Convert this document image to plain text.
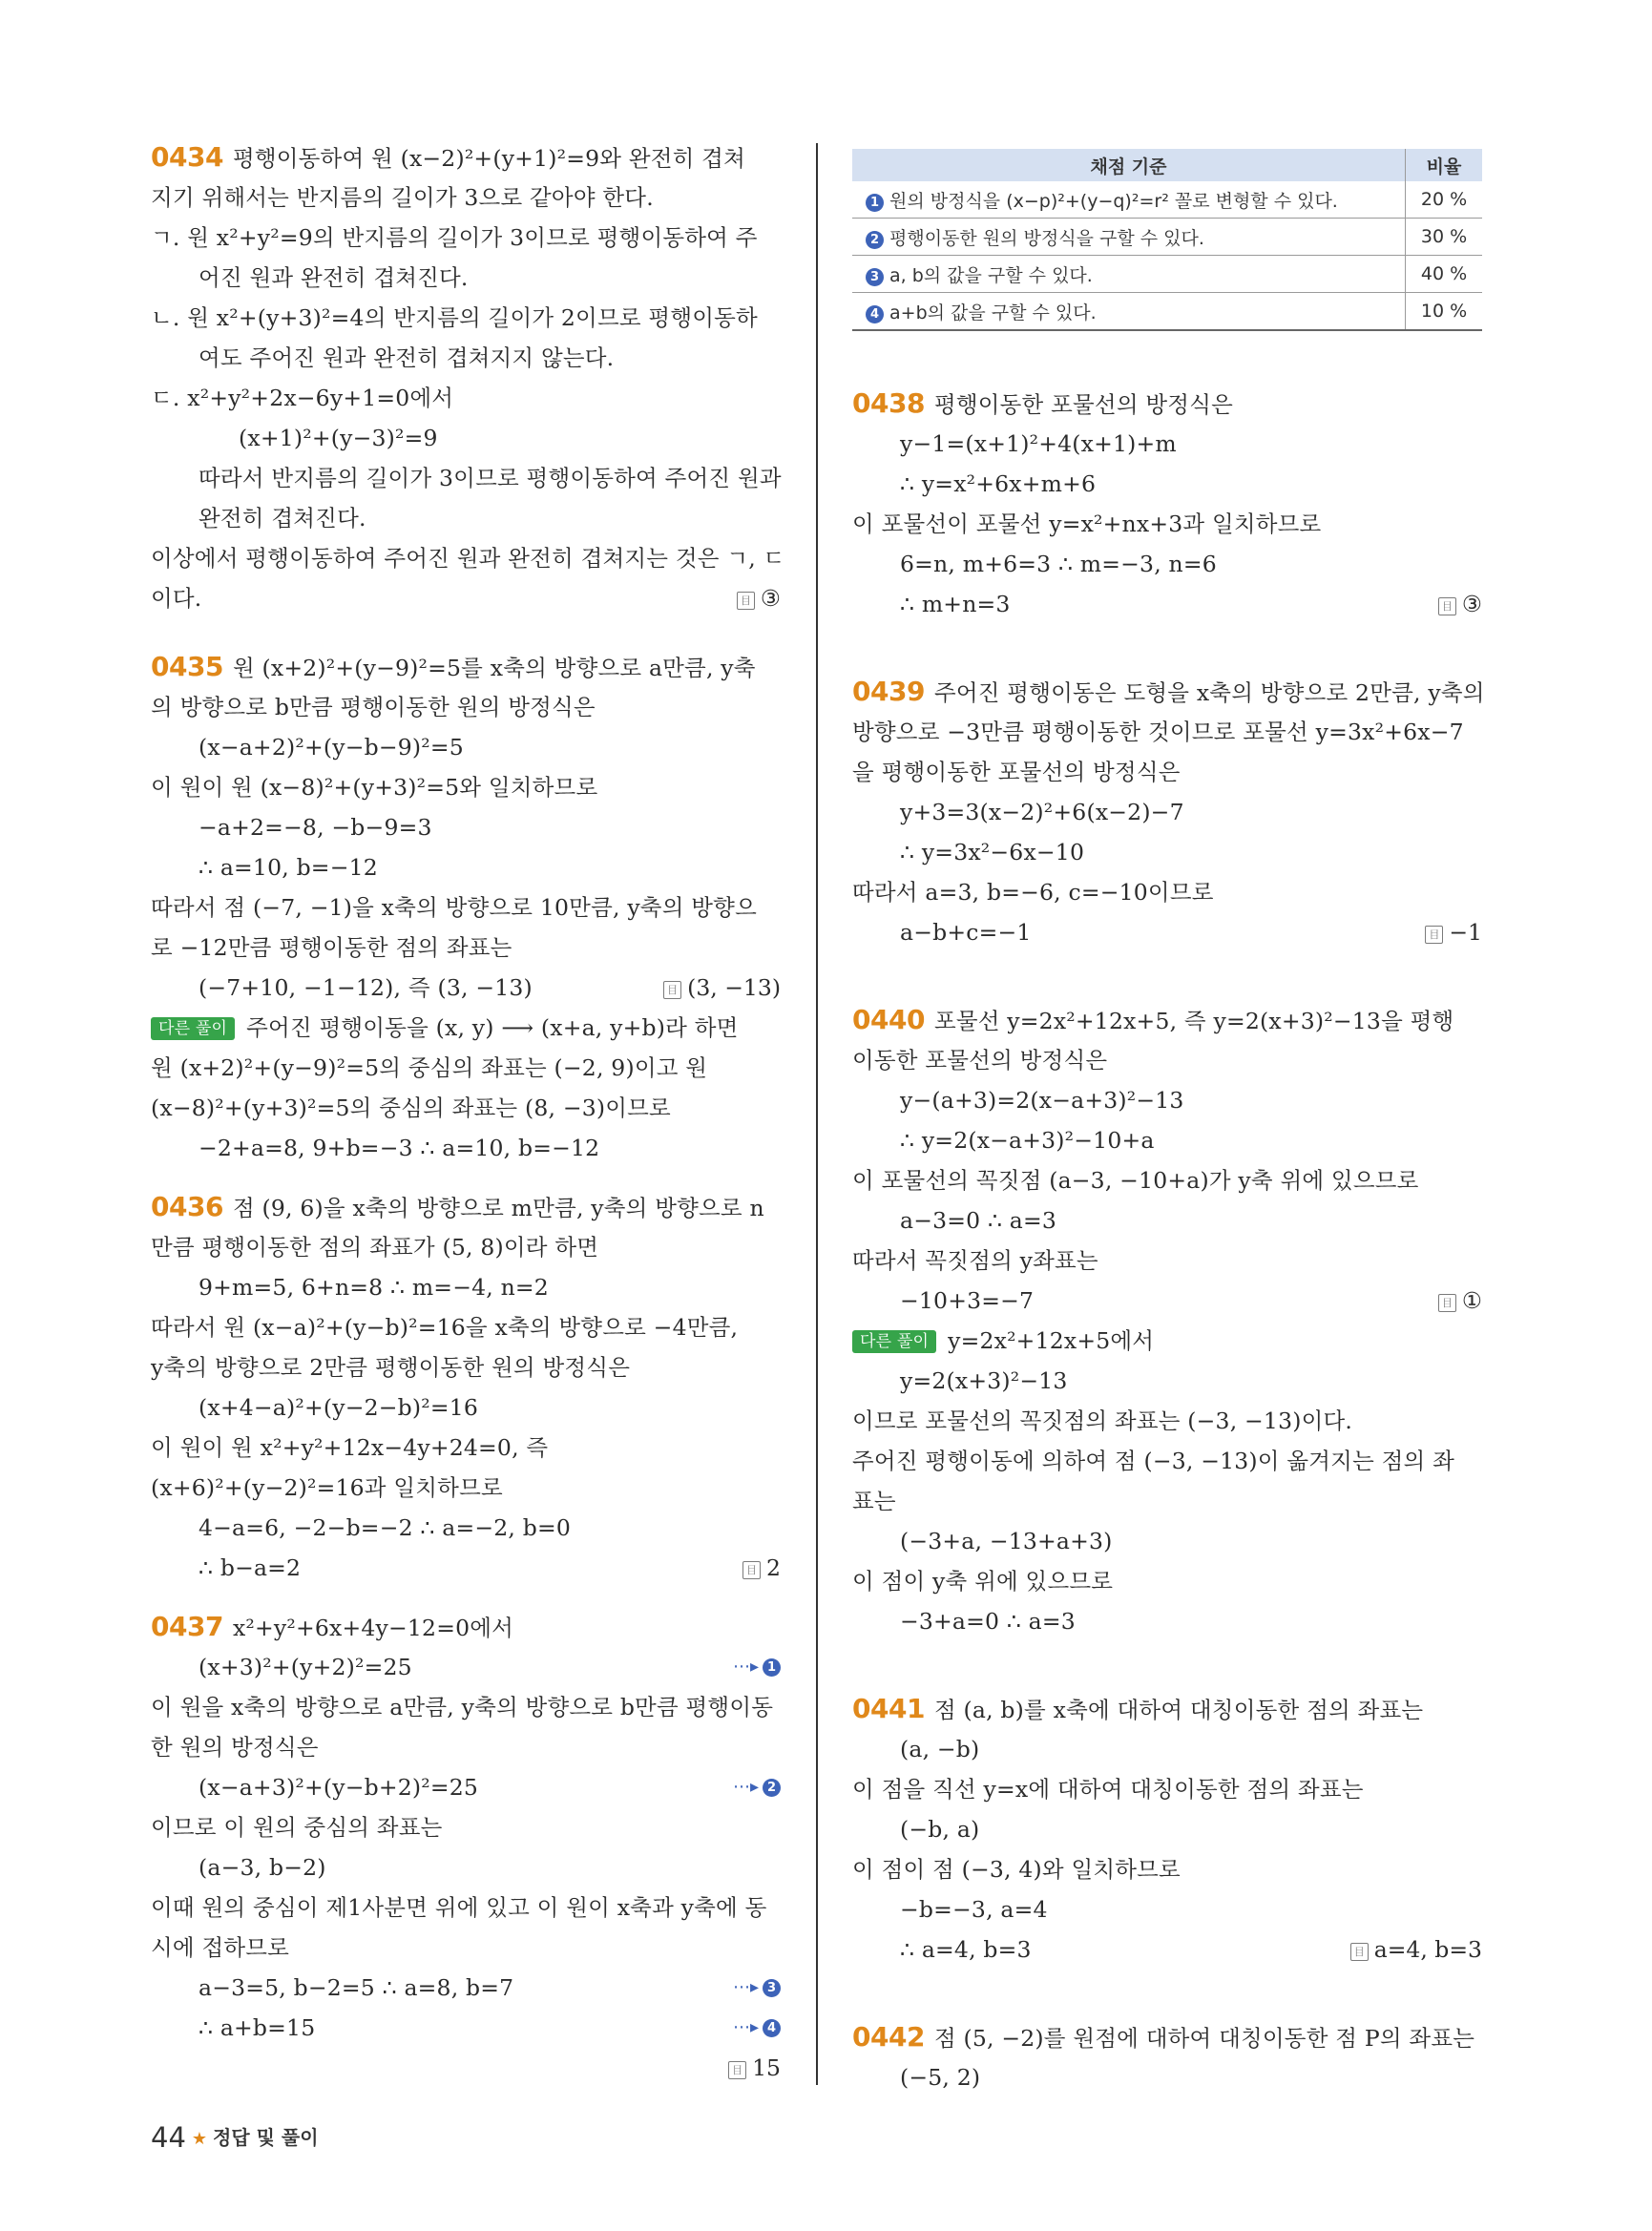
0434 평행이동하여 원 (x−2)²+(y+1)²=9와 완전히 겹쳐
지기 위해서는 반지름의 길이가 3으로 같아야 한다.
ㄱ. 원 x²+y²=9의 반지름의 길이가 3이므로 평행이동하여 주
어진 원과 완전히 겹쳐진다.
ㄴ. 원 x²+(y+3)²=4의 반지름의 길이가 2이므로 평행이동하
여도 주어진 원과 완전히 겹쳐지지 않는다.
ㄷ. x²+y²+2x−6y+1=0에서
(x+1)²+(y−3)²=9
따라서 반지름의 길이가 3이므로 평행이동하여 주어진 원과
완전히 겹쳐진다.
이상에서 평행이동하여 주어진 원과 완전히 겹쳐지는 것은 ㄱ, ㄷ
이다.	目 ③
0435 원 (x+2)²+(y−9)²=5를 x축의 방향으로 a만큼, y축
의 방향으로 b만큼 평행이동한 원의 방정식은
(x−a+2)²+(y−b−9)²=5
이 원이 원 (x−8)²+(y+3)²=5와 일치하므로
−a+2=−8, −b−9=3
∴ a=10, b=−12
따라서 점 (−7, −1)을 x축의 방향으로 10만큼, y축의 방향으
로 −12만큼 평행이동한 점의 좌표는
(−7+10, −1−12), 즉 (3, −13)	目 (3, −13)
다른 풀이 주어진 평행이동을 (x, y) ⟶ (x+a, y+b)라 하면
원 (x+2)²+(y−9)²=5의 중심의 좌표는 (−2, 9)이고 원
(x−8)²+(y+3)²=5의 중심의 좌표는 (8, −3)이므로
−2+a=8, 9+b=−3 ∴ a=10, b=−12
0436 점 (9, 6)을 x축의 방향으로 m만큼, y축의 방향으로 n
만큼 평행이동한 점의 좌표가 (5, 8)이라 하면
9+m=5, 6+n=8 ∴ m=−4, n=2
따라서 원 (x−a)²+(y−b)²=16을 x축의 방향으로 −4만큼,
y축의 방향으로 2만큼 평행이동한 원의 방정식은
(x+4−a)²+(y−2−b)²=16
이 원이 원 x²+y²+12x−4y+24=0, 즉
(x+6)²+(y−2)²=16과 일치하므로
4−a=6, −2−b=−2 ∴ a=−2, b=0
∴ b−a=2	目 2
0437 x²+y²+6x+4y−12=0에서
(x+3)²+(y+2)²=25	⋯▸ 1
이 원을 x축의 방향으로 a만큼, y축의 방향으로 b만큼 평행이동
한 원의 방정식은
(x−a+3)²+(y−b+2)²=25	⋯▸ 2
이므로 이 원의 중심의 좌표는
(a−3, b−2)
이때 원의 중심이 제1사분면 위에 있고 이 원이 x축과 y축에 동
시에 접하므로
a−3=5, b−2=5 ∴ a=8, b=7	⋯▸ 3
∴ a+b=15	⋯▸ 4
目 15
채점 기준	비율
1 원의 방정식을 (x−p)²+(y−q)²=r² 꼴로 변형할 수 있다.	20 %
2 평행이동한 원의 방정식을 구할 수 있다.	30 %
3 a, b의 값을 구할 수 있다.	40 %
4 a+b의 값을 구할 수 있다.	10 %
0438 평행이동한 포물선의 방정식은
y−1=(x+1)²+4(x+1)+m
∴ y=x²+6x+m+6
이 포물선이 포물선 y=x²+nx+3과 일치하므로
6=n, m+6=3 ∴ m=−3, n=6
∴ m+n=3	目 ③
0439 주어진 평행이동은 도형을 x축의 방향으로 2만큼, y축의
방향으로 −3만큼 평행이동한 것이므로 포물선 y=3x²+6x−7
을 평행이동한 포물선의 방정식은
y+3=3(x−2)²+6(x−2)−7
∴ y=3x²−6x−10
따라서 a=3, b=−6, c=−10이므로
a−b+c=−1	目 −1
0440 포물선 y=2x²+12x+5, 즉 y=2(x+3)²−13을 평행
이동한 포물선의 방정식은
y−(a+3)=2(x−a+3)²−13
∴ y=2(x−a+3)²−10+a
이 포물선의 꼭짓점 (a−3, −10+a)가 y축 위에 있으므로
a−3=0 ∴ a=3
따라서 꼭짓점의 y좌표는
−10+3=−7	目 ①
다른 풀이 y=2x²+12x+5에서
y=2(x+3)²−13
이므로 포물선의 꼭짓점의 좌표는 (−3, −13)이다.
주어진 평행이동에 의하여 점 (−3, −13)이 옮겨지는 점의 좌
표는
(−3+a, −13+a+3)
이 점이 y축 위에 있으므로
−3+a=0 ∴ a=3
0441 점 (a, b)를 x축에 대하여 대칭이동한 점의 좌표는
(a, −b)
이 점을 직선 y=x에 대하여 대칭이동한 점의 좌표는
(−b, a)
이 점이 점 (−3, 4)와 일치하므로
−b=−3, a=4
∴ a=4, b=3	目 a=4, b=3
0442 점 (5, −2)를 원점에 대하여 대칭이동한 점 P의 좌표는
(−5, 2)
44 ★ 정답 및 풀이
